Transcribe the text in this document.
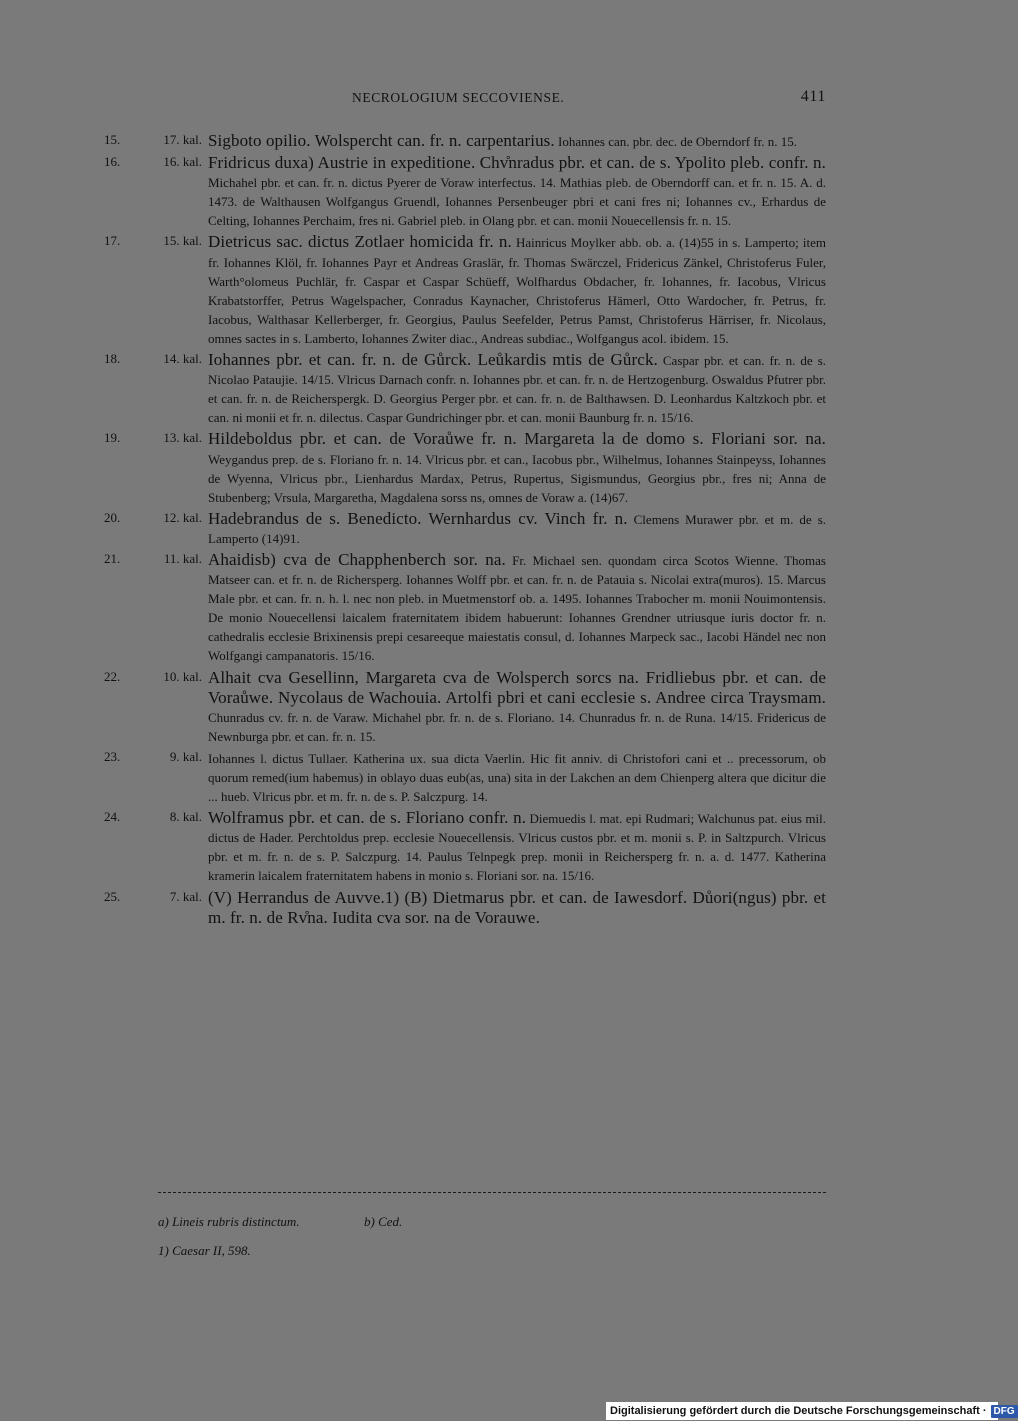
NECROLOGIUM SECCOVIENSE.	411
15.	17. kal. Sigboto opilio. Wolspercht can. fr. n. carpentarius. Iohannes can. pbr. dec. de Oberndorf fr. n. 15.
16.	16. kal. Fridricus duxa) Austrie in expeditione. Chv̊nradus pbr. et can. de s. Ypolito pleb. confr. n. Michahel pbr. et can. fr. n. dictus Pyerer de Voraw interfectus. 14. Mathias pleb. de Oberndorff can. et fr. n. 15. A. d. 1473. de Walthausen Wolfgangus Gruendl, Iohannes Persenbeuger pbri et cani fres ni; Iohannes cv., Erhardus de Celting, Iohannes Perchaim, fres ni. Gabriel pleb. in Olang pbr. et can. monii Nouecellensis fr. n. 15.
17.	15. kal. Dietricus sac. dictus Zotlaer homicida fr. n. Hainricus Moylker abb. ob. a. (14)55 in s. Lamperto; item fr. Iohannes Klöl, fr. Iohannes Payr et Andreas Graslär, fr. Thomas Swärczel, Fridericus Zänkel, Christoferus Fuler, Warth°olomeus Puchlär, fr. Caspar et Caspar Schüeff, Wolfhardus Obdacher, fr. Iohannes, fr. Iacobus, Vlricus Krabatstorffer, Petrus Wagelspacher, Conradus Kaynacher, Christoferus Hämerl, Otto Wardocher, fr. Petrus, fr. Iacobus, Walthasar Kellerberger, fr. Georgius, Paulus Seefelder, Petrus Pamst, Christoferus Härriser, fr. Nicolaus, omnes sactes in s. Lamberto, Iohannes Zwiter diac., Andreas subdiac., Wolfgangus acol. ibidem. 15.
18.	14. kal. Iohannes pbr. et can. fr. n. de Gůrck. Leůkardis mtis de Gůrck. Caspar pbr. et can. fr. n. de s. Nicolao Pataujie. 14/15. Vlricus Darnach confr. n. Iohannes pbr. et can. fr. n. de Hertzogenburg. Oswaldus Pfutrer pbr. et can. fr. n. de Reicherspergk. D. Georgius Perger pbr. et can. fr. n. de Balthawsen. D. Leonhardus Kaltzkoch pbr. et can. ni monii et fr. n. dilectus. Caspar Gundrichinger pbr. et can. monii Baunburg fr. n. 15/16.
19.	13. kal. Hildeboldus pbr. et can. de Voraůwe fr. n. Margareta la de domo s. Floriani sor. na. Weygandus prep. de s. Floriano fr. n. 14. Vlricus pbr. et can., Iacobus pbr., Wilhelmus, Iohannes Stainpeyss, Iohannes de Wyenna, Vlricus pbr., Lienhardus Mardax, Petrus, Rupertus, Sigismundus, Georgius pbr., fres ni; Anna de Stubenberg; Vrsula, Margaretha, Magdalena sorss ns, omnes de Voraw a. (14)67.
20.	12. kal. Hadebrandus de s. Benedicto. Wernhardus cv. Vinch fr. n. Clemens Murawer pbr. et m. de s. Lamperto (14)91.
21.	11. kal. Ahaidisb) cva de Chapphenberch sor. na. Fr. Michael sen. quondam circa Scotos Wienne. Thomas Matseer can. et fr. n. de Richersperg. Iohannes Wolff pbr. et can. fr. n. de Patauia s. Nicolai extra(muros). 15. Marcus Male pbr. et can. fr. n. h. l. nec non pleb. in Muetmenstorf ob. a. 1495. Iohannes Trabocher m. monii Nouimontensis. De monio Nouecellensi laicalem fraternitatem ibidem habuerunt: Iohannes Grendner utriusque iuris doctor fr. n. cathedralis ecclesie Brixinensis prepi cesareeque maiestatis consul, d. Iohannes Marpeck sac., Iacobi Händel nec non Wolfgangi campanatoris. 15/16.
22.	10. kal. Alhait cva Gesellinn, Margareta cva de Wolsperch sorcs na. Fridliebus pbr. et can. de Voraůwe. Nycolaus de Wachouia. Artolfi pbri et cani ecclesie s. Andree circa Traysmam. Chunradus cv. fr. n. de Varaw. Michahel pbr. fr. n. de s. Floriano. 14. Chunradus fr. n. de Runa. 14/15. Fridericus de Newnburga pbr. et can. fr. n. 15.
23.	9. kal. Iohannes l. dictus Tullaer. Katherina ux. sua dicta Vaerlin. Hic fit anniv. di Christofori cani et .. precessorum, ob quorum remed(ium habemus) in oblayo duas eub(as, una) sita in der Lakchen an dem Chienperg altera que dicitur die ... hueb. Vlricus pbr. et m. fr. n. de s. P. Salczpurg. 14.
24.	8. kal. Wolframus pbr. et can. de s. Floriano confr. n. Diemuedis l. mat. epi Rudmari; Walchunus pat. eius mil. dictus de Hader. Perchtoldus prep. ecclesie Nouecellensis. Vlricus custos pbr. et m. monii s. P. in Saltzpurch. Vlricus pbr. et m. fr. n. de s. P. Salczpurg. 14. Paulus Telnpegk prep. monii in Reichersperg fr. n. a. d. 1477. Katherina kramerin laicalem fraternitatem habens in monio s. Floriani sor. na. 15/16.
25.	7. kal. (V) Herrandus de Auvve.1) (B) Dietmarus pbr. et can. de Iawesdorf. Důori(ngus) pbr. et m. fr. n. de Rv̊na. Iudita cva sor. na de Vorauwe.
a) Lineis rubris distinctum.	b) Ced.
1) Caesar II, 598.
Digitalisierung gefördert durch die Deutsche Forschungsgemeinschaft · DFG
